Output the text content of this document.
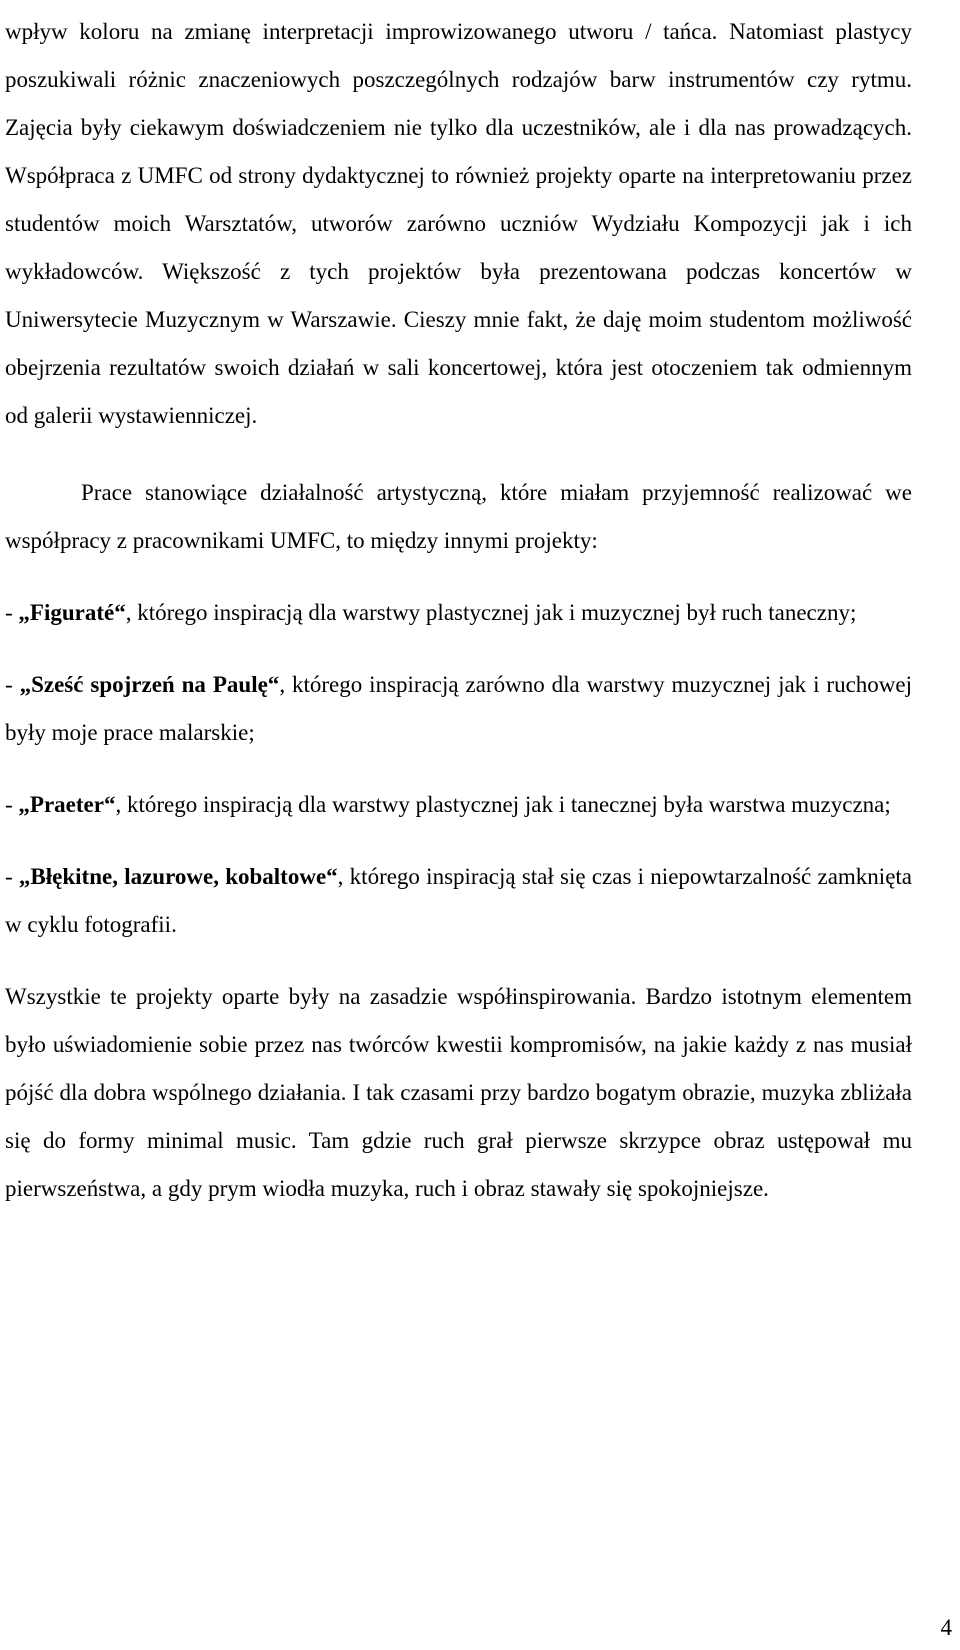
wpływ koloru na zmianę interpretacji improwizowanego utworu / tańca. Natomiast plastycy poszukiwali różnic znaczeniowych poszczególnych rodzajów barw instrumentów czy rytmu. Zajęcia były ciekawym doświadczeniem nie tylko dla uczestników, ale i dla nas prowadzących. Współpraca z UMFC od strony dydaktycznej to również projekty oparte na interpretowaniu przez studentów moich Warsztatów, utworów zarówno uczniów Wydziału Kompozycji jak i ich wykładowców. Większość z tych projektów była prezentowana podczas koncertów w Uniwersytecie Muzycznym w Warszawie. Cieszy mnie fakt, że daję moim studentom możliwość obejrzenia rezultatów swoich działań w sali koncertowej, która jest otoczeniem tak odmiennym od galerii wystawienniczej.

Prace stanowiące działalność artystyczną, które miałam przyjemność realizować we współpracy z pracownikami UMFC, to między innymi projekty:

- „Figuraté“, którego inspiracją dla warstwy plastycznej jak i muzycznej był ruch taneczny;

- „Sześć spojrzeń na Paulę“, którego inspiracją zarówno dla warstwy muzycznej jak i ruchowej były moje prace malarskie;

- „Praeter“, którego inspiracją dla warstwy plastycznej jak i tanecznej była warstwa muzyczna;

- „Błękitne, lazurowe, kobaltowe“, którego inspiracją stał się czas i niepowtarzalność zamknięta w cyklu fotografii.

Wszystkie te projekty oparte były na zasadzie współinspirowania. Bardzo istotnym elementem było uświadomienie sobie przez nas twórców kwestii kompromisów, na jakie każdy z nas musiał pójść dla dobra wspólnego działania. I tak czasami przy bardzo bogatym obrazie, muzyka zbliżała się do formy minimal music. Tam gdzie ruch grał pierwsze skrzypce obraz ustępował mu pierwszeństwa, a gdy prym wiodła muzyka, ruch i obraz stawały się spokojniejsze.

4
